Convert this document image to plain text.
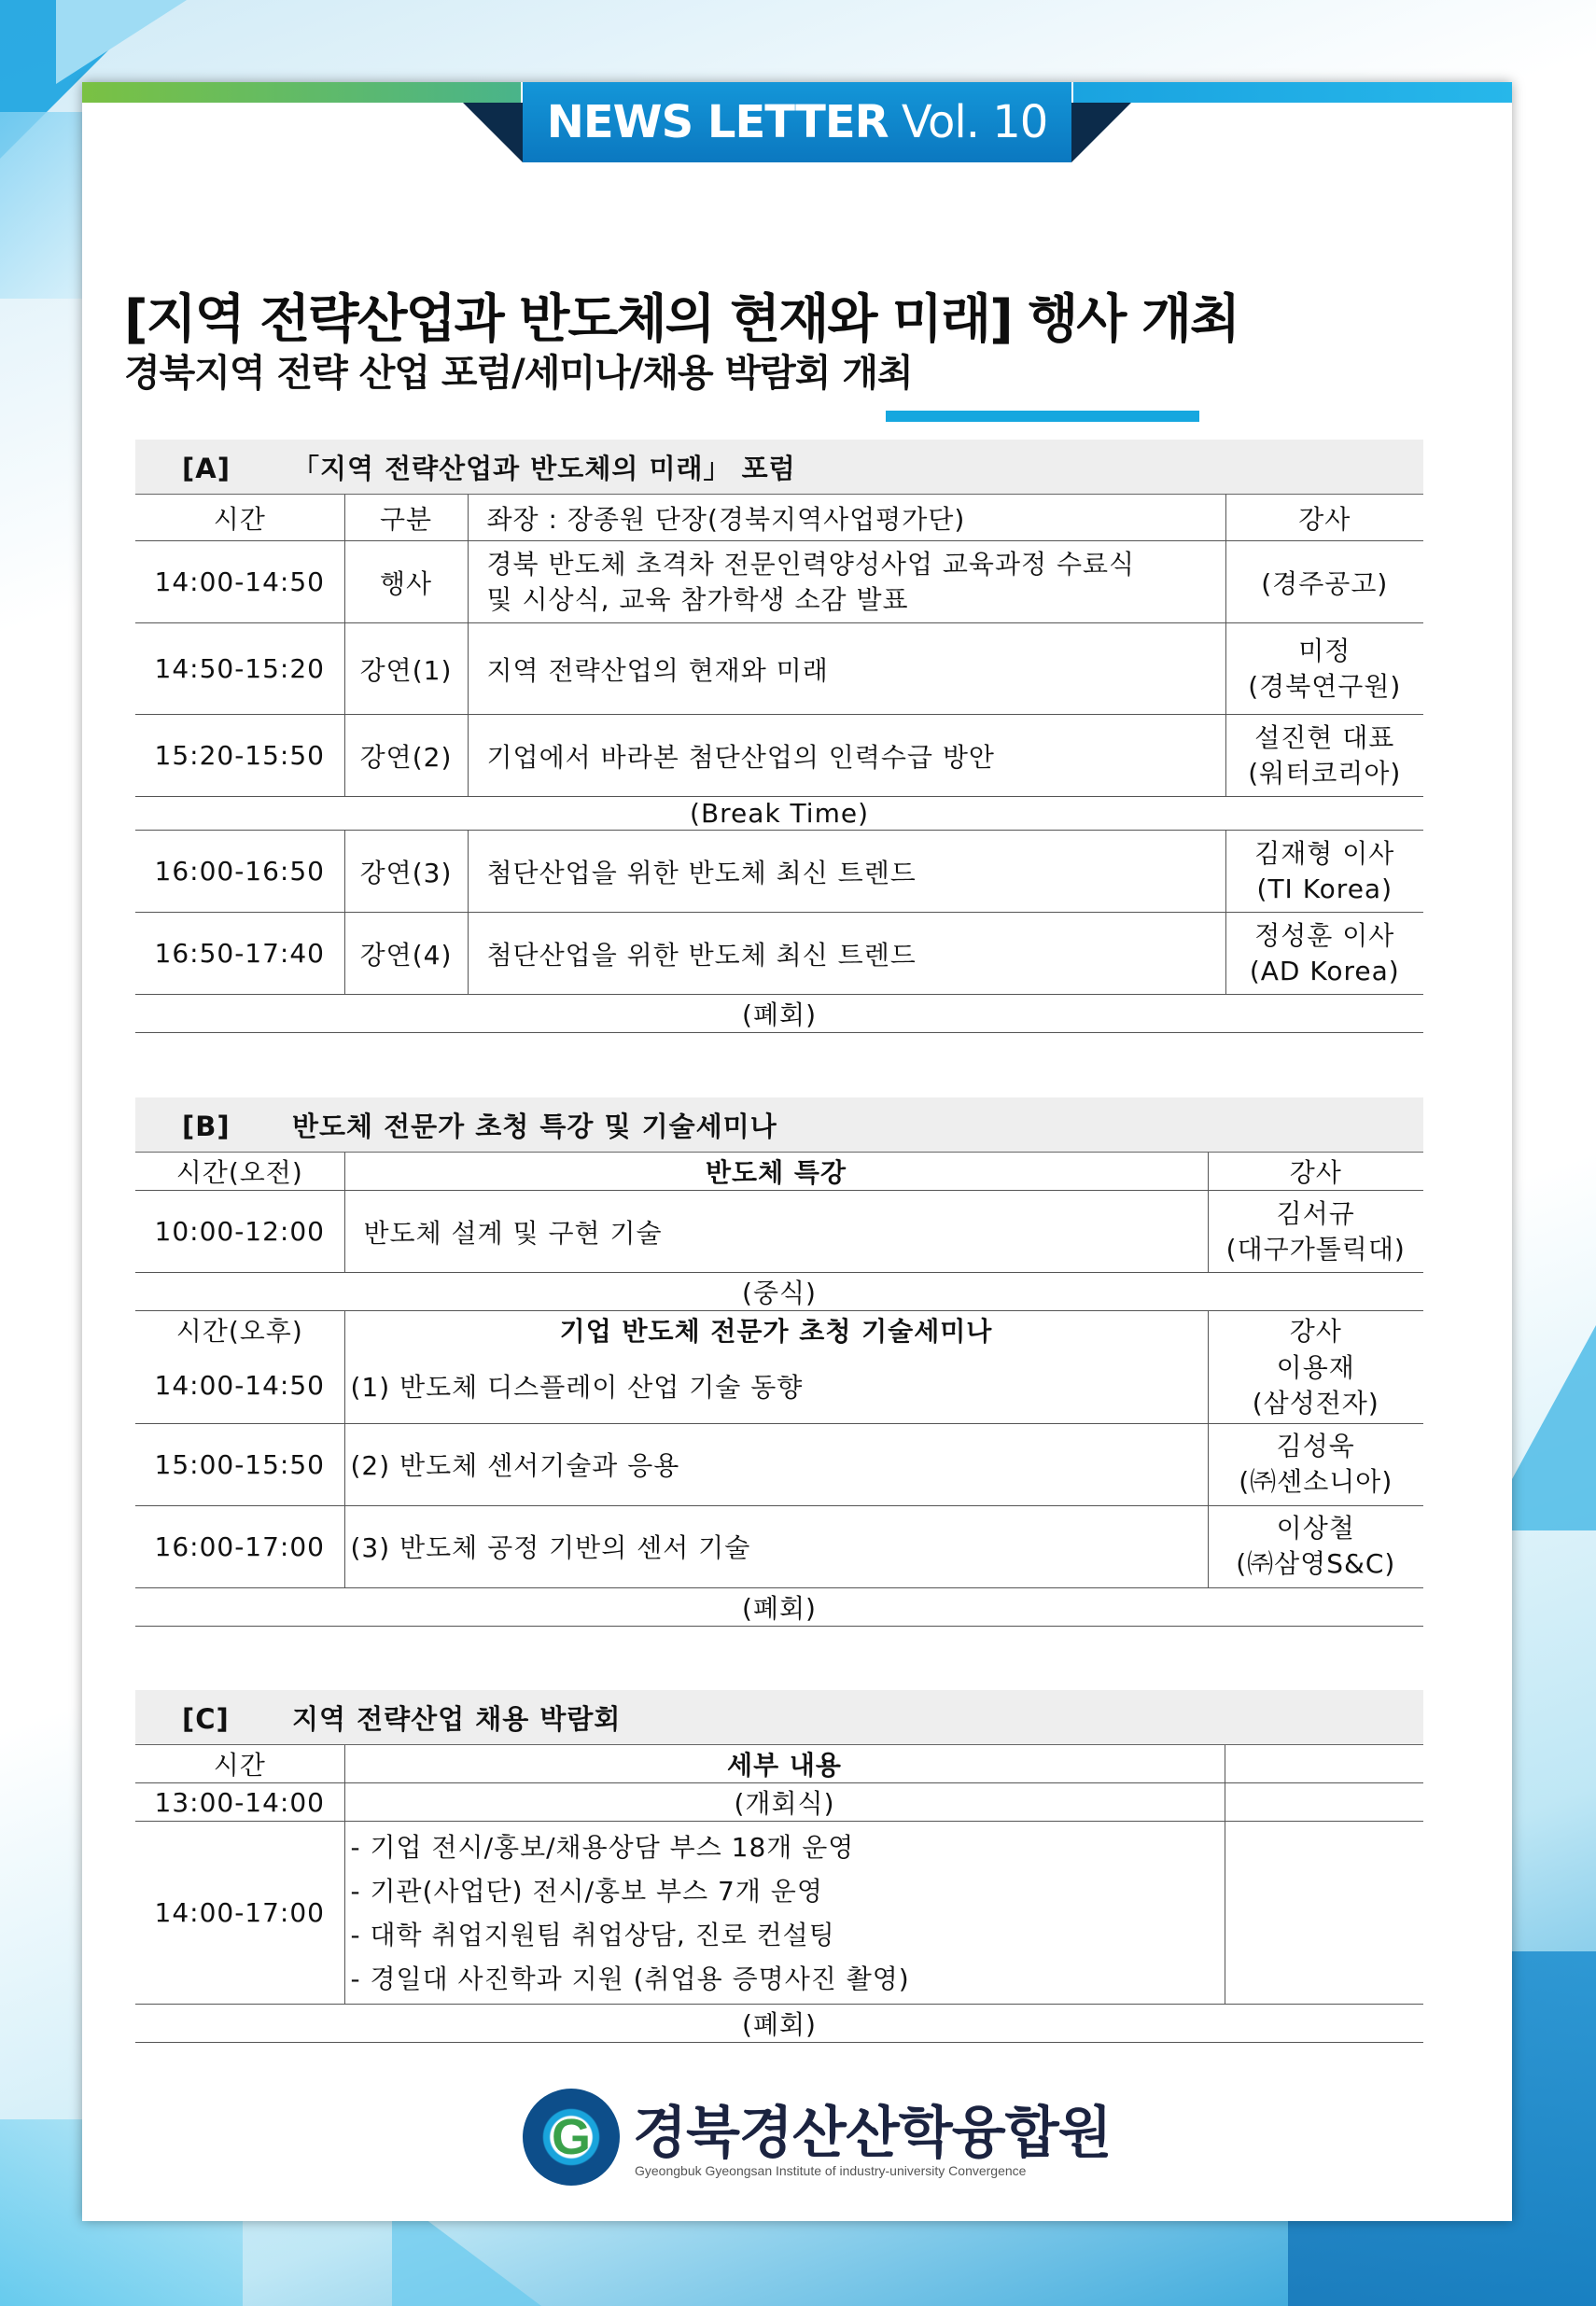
NEWS LETTER Vol. 10
[지역 전략산업과 반도체의 현재와 미래] 행사 개최
경북지역 전략 산업 포럼/세미나/채용 박람회 개최
[A] 「지역 전략산업과 반도체의 미래」 포럼			
시간	구분	좌장 : 장종원 단장(경북지역사업평가단)	강사
14:00-14:50	행사	경북 반도체 초격차 전문인력양성사업 교육과정 수료식
및 시상식, 교육 참가학생 소감 발표	(경주공고)
14:50-15:20	강연(1)	지역 전략산업의 현재와 미래	미정
(경북연구원)

15:20-15:50	강연(2)	기업에서 바라본 첨단산업의 인력수급 방안	설진현 대표
(워터코리아)

(Break Time)			
16:00-16:50	강연(3)	첨단산업을 위한 반도체 최신 트렌드	김재형 이사
(TI Korea)

16:50-17:40	강연(4)	첨단산업을 위한 반도체 최신 트렌드	정성훈 이사
(AD Korea)

(폐회)			
[B] 반도체 전문가 초청 특강 및 기술세미나		
시간(오전)	반도체 특강	강사
10:00-12:00	반도체 설계 및 구현 기술	김서규
(대구가톨릭대)

(중식)		
시간(오후)	기업 반도체 전문가 초청 기술세미나	강사
14:00-14:50	(1) 반도체 디스플레이 산업 기술 동향	이용재
(삼성전자)

15:00-15:50	(2) 반도체 센서기술과 응용	김성욱
(㈜센소니아)

16:00-17:00	(3) 반도체 공정 기반의 센서 기술	이상철
(㈜삼영S&C)

(폐회)		
[C] 지역 전략산업 채용 박람회		
시간	세부 내용	
13:00-14:00	(개회식)	
14:00-17:00	- 기업 전시/홍보/채용상담 부스 18개 운영
- 기관(사업단) 전시/홍보 부스 7개 운영
- 대학 취업지원팀 취업상담, 진로 컨설팅
- 경일대 사진학과 지원 (취업용 증명사진 촬영)	

(폐회)		
G 경북경산산학융합원
Gyeongbuk Gyeongsan Institute of industry-university Convergence
